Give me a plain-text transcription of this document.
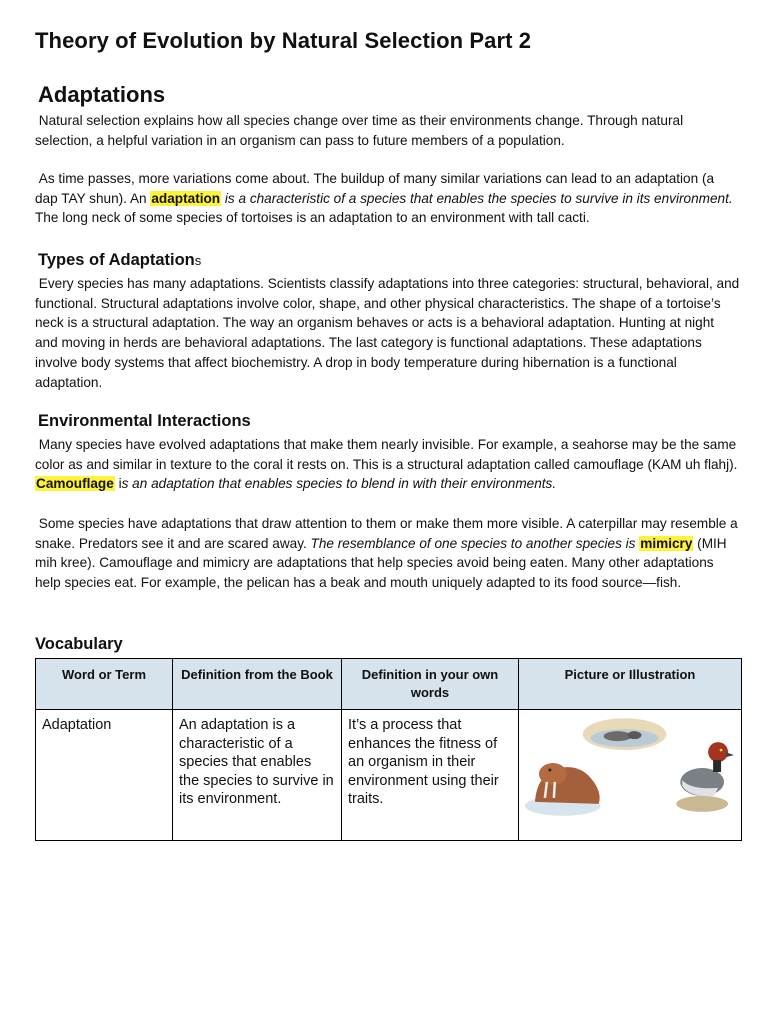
Theory of Evolution by Natural Selection Part 2
Adaptations

Natural selection explains how all species change over time as their environments change. Through natural selection, a helpful variation in an organism can pass to future members of a population.

As time passes, more variations come about. The buildup of many similar variations can lead to an adaptation (a dap TAY shun). An adaptation is a characteristic of a species that enables the species to survive in its environment. The long neck of some species of tortoises is an adaptation to an environment with tall cacti.

Types of Adaptations

Every species has many adaptations. Scientists classify adaptations into three categories: structural, behavioral, and functional. Structural adaptations involve color, shape, and other physical characteristics. The shape of a tortoise’s neck is a structural adaptation. The way an organism behaves or acts is a behavioral adaptation. Hunting at night and moving in herds are behavioral adaptations. The last category is functional adaptations. These adaptations involve body systems that affect biochemistry. A drop in body temperature during hibernation is a functional adaptation.

Environmental Interactions

Many species have evolved adaptations that make them nearly invisible. For example, a seahorse may be the same color as and similar in texture to the coral it rests on. This is a structural adaptation called camouflage (KAM uh flahj). Camouflage is an adaptation that enables species to blend in with their environments.

Some species have adaptations that draw attention to them or make them more visible. A caterpillar may resemble a snake. Predators see it and are scared away. The resemblance of one species to another species is mimicry (MIH mih kree). Camouflage and mimicry are adaptations that help species avoid being eaten. Many other adaptations help species eat. For example, the pelican has a beak and mouth uniquely adapted to its food source—fish.

Vocabulary
Word or Term	Definition from the Book	Definition in your own words	Picture or Illustration
Adaptation	An adaptation is a characteristic of a species that enables the species to survive in its environment.	It’s a process that enhances the fitness of an organism in their environment using their traits.	
